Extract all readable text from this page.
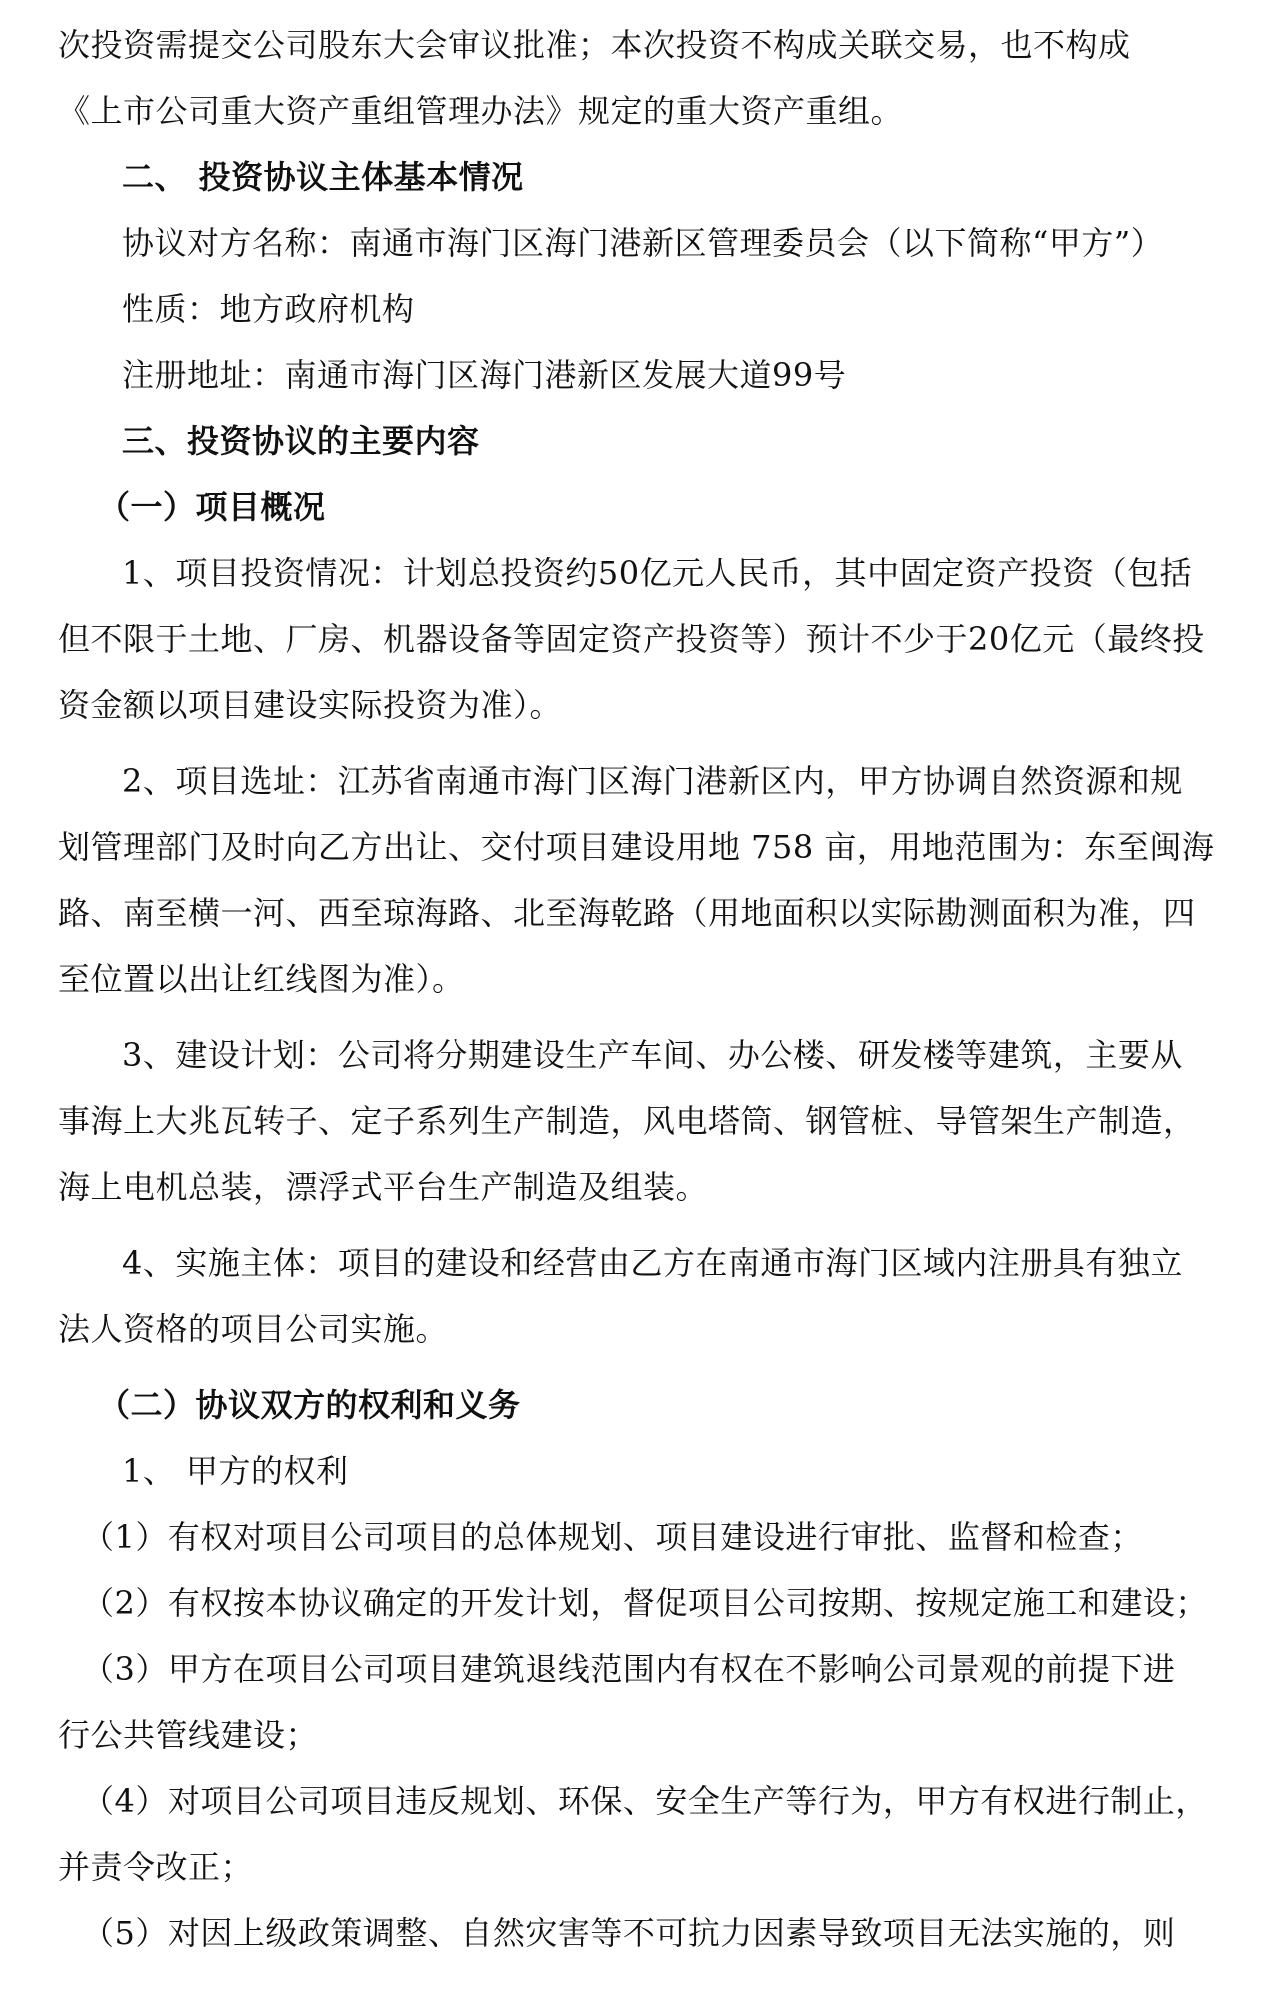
次投资需提交公司股东大会审议批准；本次投资不构成关联交易，也不构成

《上市公司重大资产重组管理办法》规定的重大资产重组。

二、 投资协议主体基本情况

协议对方名称：南通市海门区海门港新区管理委员会（以下简称“甲方”）

性质：地方政府机构

注册地址：南通市海门区海门港新区发展大道99号

三、投资协议的主要内容

（一）项目概况

1、项目投资情况：计划总投资约50亿元人民币，其中固定资产投资（包括

但不限于土地、厂房、机器设备等固定资产投资等）预计不少于20亿元（最终投

资金额以项目建设实际投资为准）。

2、项目选址：江苏省南通市海门区海门港新区内，甲方协调自然资源和规

划管理部门及时向乙方出让、交付项目建设用地 758 亩，用地范围为：东至闽海

路、南至横一河、西至琼海路、北至海乾路（用地面积以实际勘测面积为准，四

至位置以出让红线图为准）。

3、建设计划：公司将分期建设生产车间、办公楼、研发楼等建筑，主要从

事海上大兆瓦转子、定子系列生产制造，风电塔筒、钢管桩、导管架生产制造，

海上电机总装，漂浮式平台生产制造及组装。

4、实施主体：项目的建设和经营由乙方在南通市海门区域内注册具有独立

法人资格的项目公司实施。

（二）协议双方的权利和义务

1、 甲方的权利

（1）有权对项目公司项目的总体规划、项目建设进行审批、监督和检查；

（2）有权按本协议确定的开发计划，督促项目公司按期、按规定施工和建设；

（3）甲方在项目公司项目建筑退线范围内有权在不影响公司景观的前提下进

行公共管线建设；

（4）对项目公司项目违反规划、环保、安全生产等行为，甲方有权进行制止，

并责令改正；

（5）对因上级政策调整、自然灾害等不可抗力因素导致项目无法实施的，则
